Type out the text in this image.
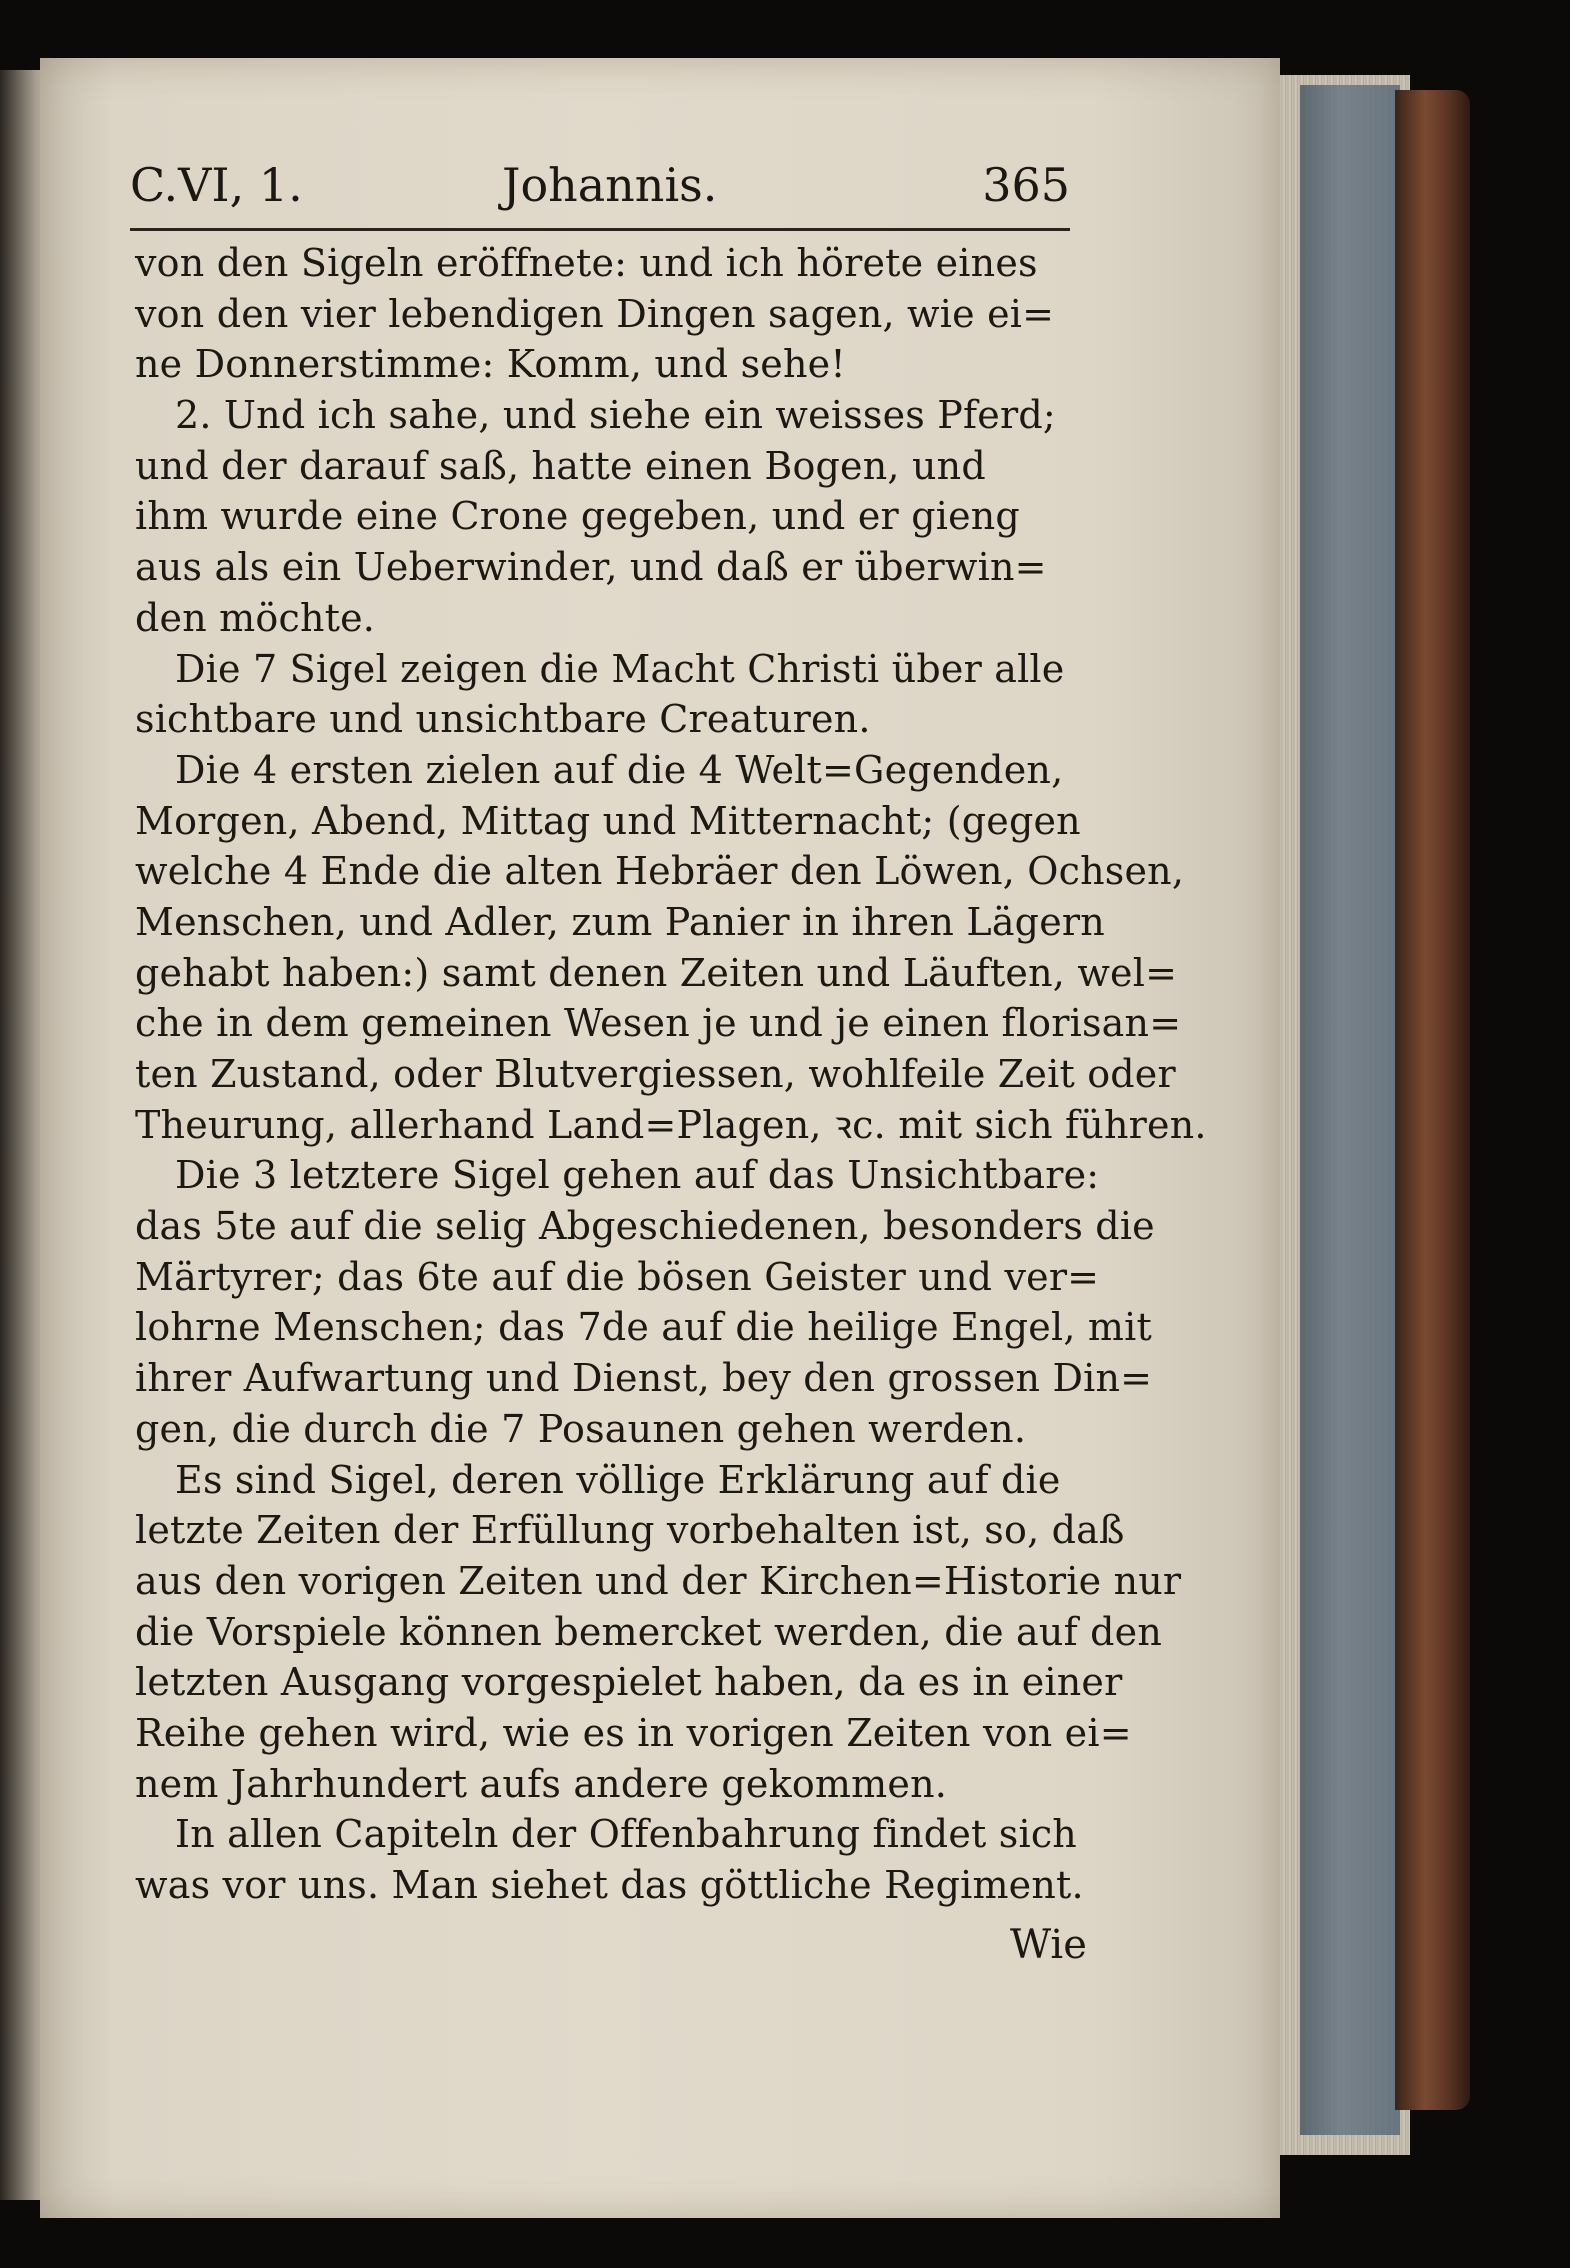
C.VI, 1.	Johannis.	365
von den Sigeln eröffnete: und ich hörete eines
von den vier lebendigen Dingen sagen, wie ei=
ne Donnerstimme: Komm, und sehe!
2. Und ich sahe, und siehe ein weisses Pferd;
und der darauf saß, hatte einen Bogen, und
ihm wurde eine Crone gegeben, und er gieng
aus als ein Ueberwinder, und daß er überwin=
den möchte.
Die 7 Sigel zeigen die Macht Christi über alle
sichtbare und unsichtbare Creaturen.
Die 4 ersten zielen auf die 4 Welt=Gegenden,
Morgen, Abend, Mittag und Mitternacht; (gegen
welche 4 Ende die alten Hebräer den Löwen, Ochsen,
Menschen, und Adler, zum Panier in ihren Lägern
gehabt haben:) samt denen Zeiten und Läuften, wel=
che in dem gemeinen Wesen je und je einen florisan=
ten Zustand, oder Blutvergiessen, wohlfeile Zeit oder
Theurung, allerhand Land=Plagen, ꝛc. mit sich führen.
Die 3 letztere Sigel gehen auf das Unsichtbare:
das 5te auf die selig Abgeschiedenen, besonders die
Märtyrer; das 6te auf die bösen Geister und ver=
lohrne Menschen; das 7de auf die heilige Engel, mit
ihrer Aufwartung und Dienst, bey den grossen Din=
gen, die durch die 7 Posaunen gehen werden.
Es sind Sigel, deren völlige Erklärung auf die
letzte Zeiten der Erfüllung vorbehalten ist, so, daß
aus den vorigen Zeiten und der Kirchen=Historie nur
die Vorspiele können bemercket werden, die auf den
letzten Ausgang vorgespielet haben, da es in einer
Reihe gehen wird, wie es in vorigen Zeiten von ei=
nem Jahrhundert aufs andere gekommen.
In allen Capiteln der Offenbahrung findet sich
was vor uns. Man siehet das göttliche Regiment.
Wie
